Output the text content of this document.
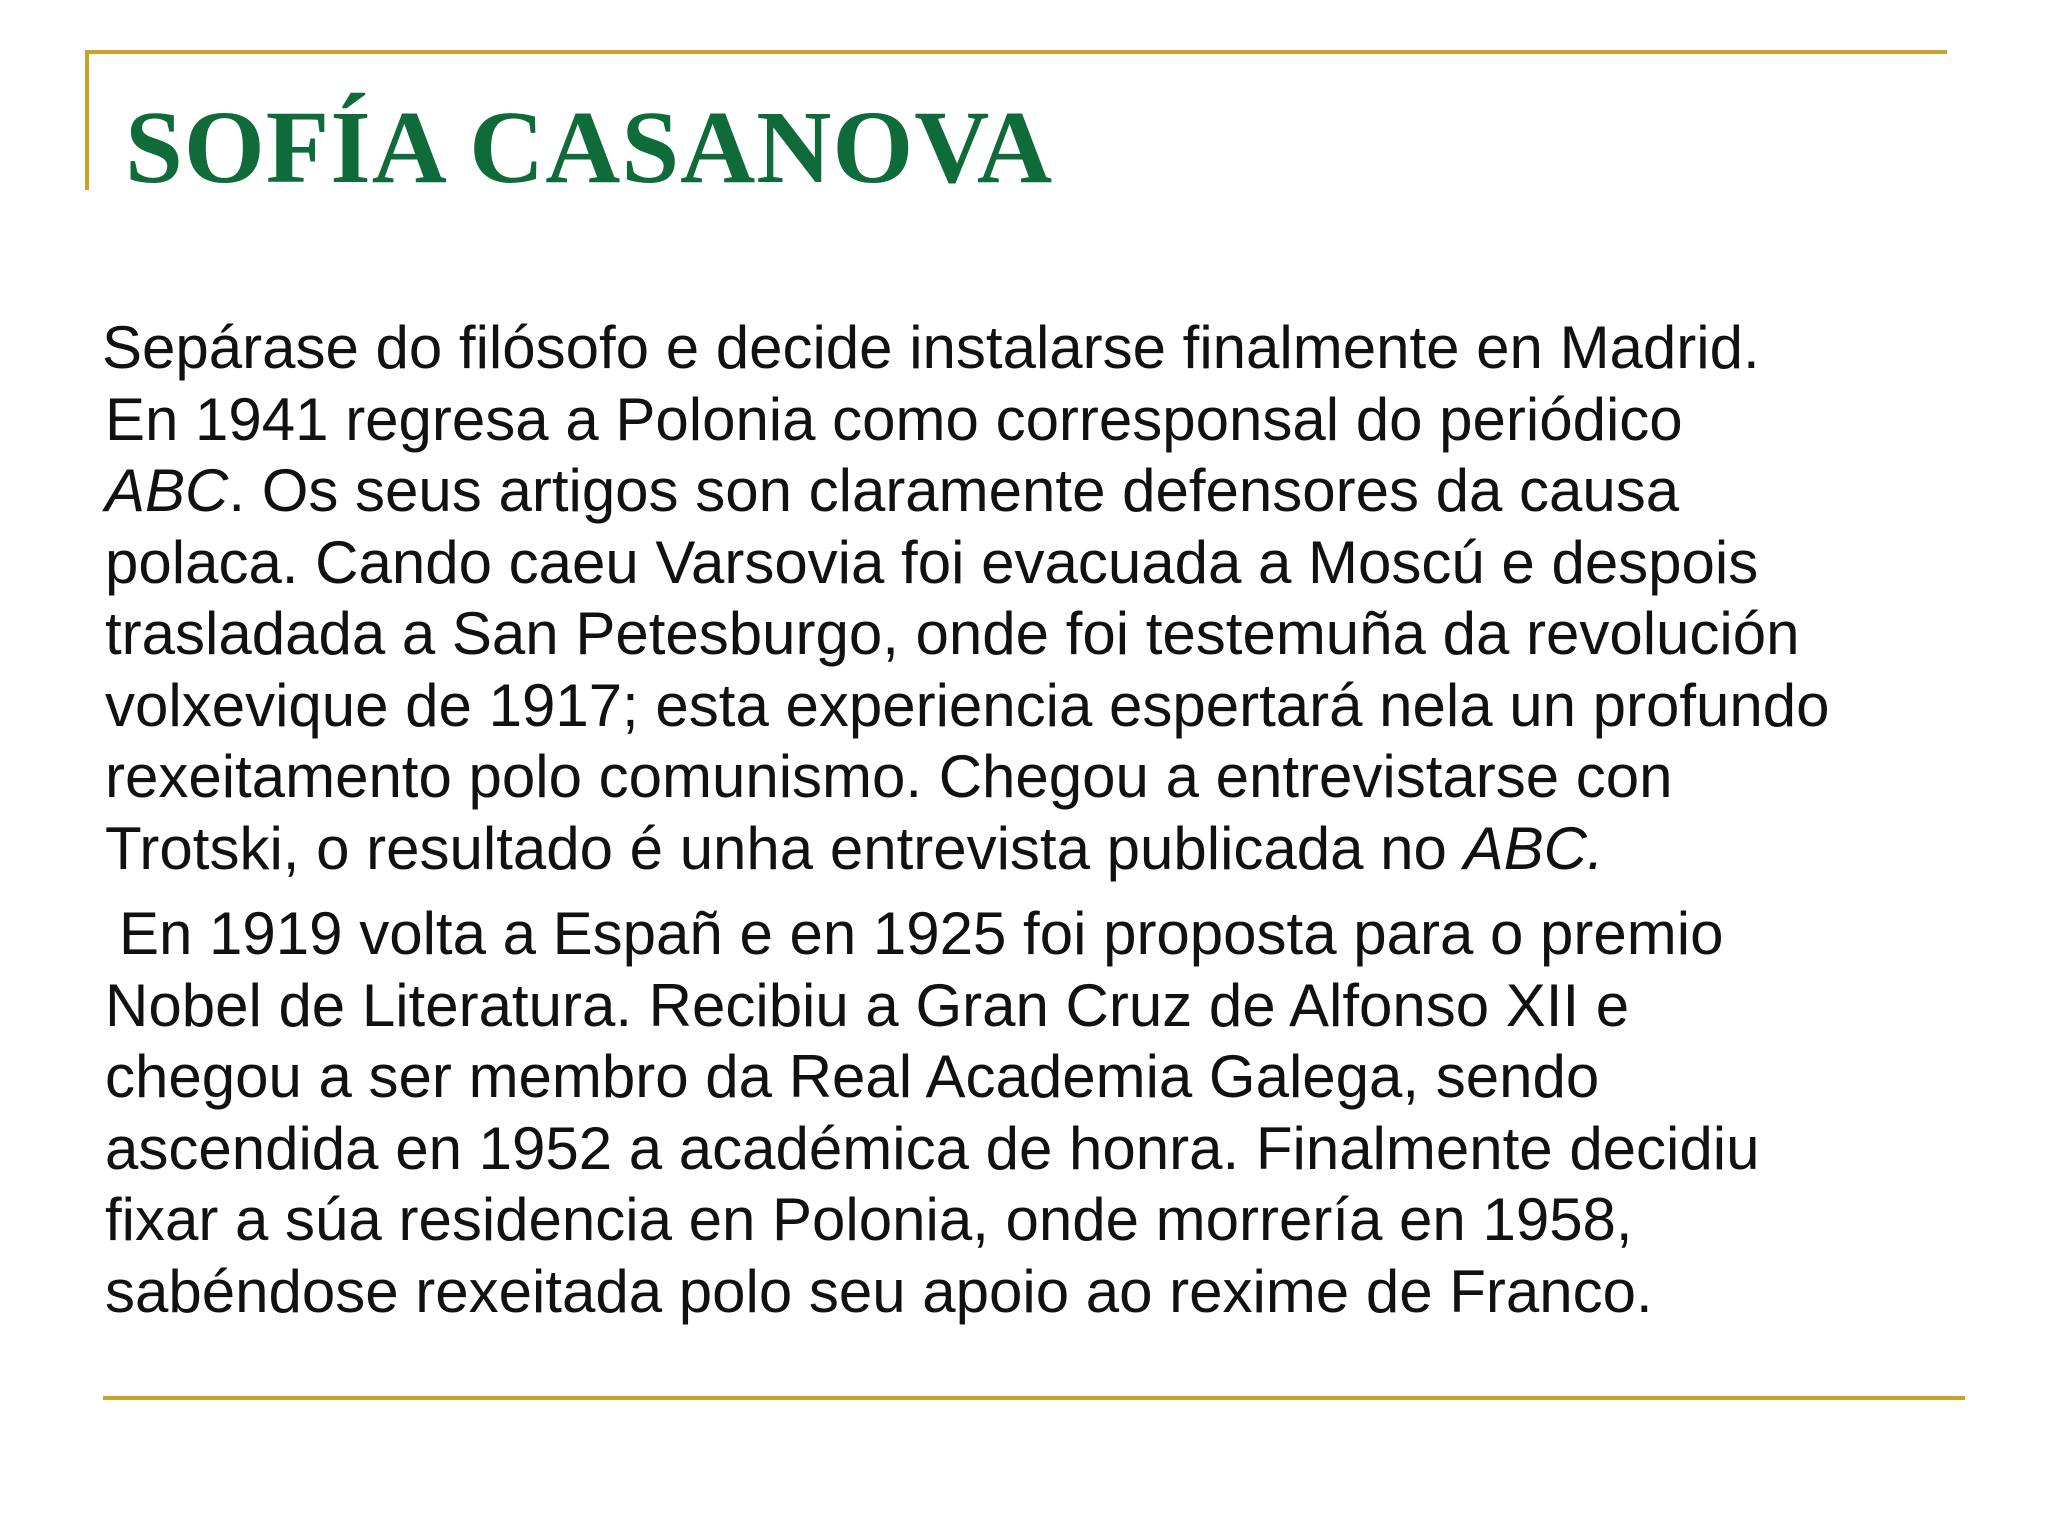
SOFÍA CASANOVA

Sepárase do filósofo e decide instalarse finalmente en Madrid.
En 1941 regresa a Polonia como corresponsal do periódico
ABC. Os seus artigos son claramente defensores da causa
polaca. Cando caeu Varsovia foi evacuada a Moscú e despois
trasladada a San Petesburgo, onde foi testemuña da revolución
volxevique de 1917; esta experiencia espertará nela un profundo
rexeitamento polo comunismo. Chegou a entrevistarse con
Trotski, o resultado é unha entrevista publicada no ABC.

En 1919 volta a Españ e en 1925 foi proposta para o premio
Nobel de Literatura. Recibiu a Gran Cruz de Alfonso XII e
chegou a ser membro da Real Academia Galega, sendo
ascendida en 1952 a académica de honra. Finalmente decidiu
fixar a súa residencia en Polonia, onde morrería en 1958,
sabéndose rexeitada polo seu apoio ao rexime de Franco.
